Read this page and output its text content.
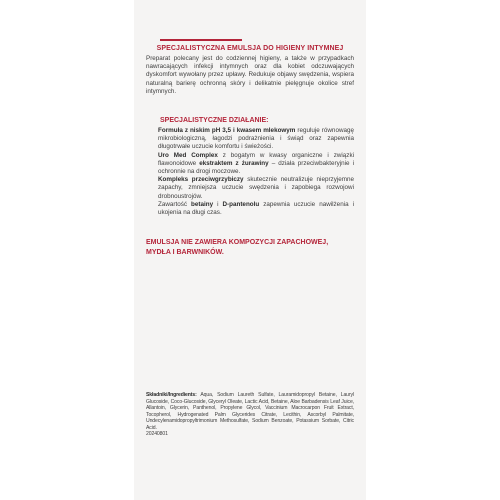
SPECJALISTYCZNA EMULSJA DO HIGIENY INTYMNEJ
Preparat polecany jest do codziennej higieny, a także w przypadkach nawracających infekcji intymnych oraz dla kobiet odczuwających dyskomfort wywołany przez upławy. Redukuje objawy swędzenia, wspiera naturalną barierę ochronną skóry i delikatnie pielęgnuje okolice stref intymnych.
SPECJALISTYCZNE DZIAŁANIE:

Formuła z niskim pH 3,5 i kwasem mlekowym reguluje równowagę mikrobiologiczną, łagodzi podrażnienia i świąd oraz zapewnia długotrwałe uczucie komfortu i świeżości.

Uro Med Complex z bogatym w kwasy organiczne i związki flawonoidowe ekstraktem z żurawiny – działa przeciwbakteryjnie i ochronnie na drogi moczowe.

Kompleks przeciwgrzybiczy skutecznie neutralizuje nieprzyjemne zapachy, zmniejsza uczucie swędzenia i zapobiega rozwojowi drobnoustrojów.

Zawartość betainy i D-pantenolu zapewnia uczucie nawilżenia i ukojenia na długi czas.

EMULSJA NIE ZAWIERA KOMPOZYCJI ZAPACHOWEJ, MYDŁA I BARWNIKÓW.
Składniki/Ingredients: Aqua, Sodium Laureth Sulfate, Lauramidopropyl Betaine, Lauryl Glucoside, Coco-Glucoside, Glyceryl Oleate, Lactic Acid, Betaine, Aloe Barbadensis Leaf Juice, Allantoin, Glycerin, Panthenol, Propylene Glycol, Vaccinium Macrocarpon Fruit Extract, Tocopherol, Hydrogenated Palm Glycerides Citrate, Lecithin, Ascorbyl Palmitate, Undecylenamidopropyltrimonium Methosulfate, Sodium Benzoate, Potassium Sorbate, Citric Acid.
20240801
